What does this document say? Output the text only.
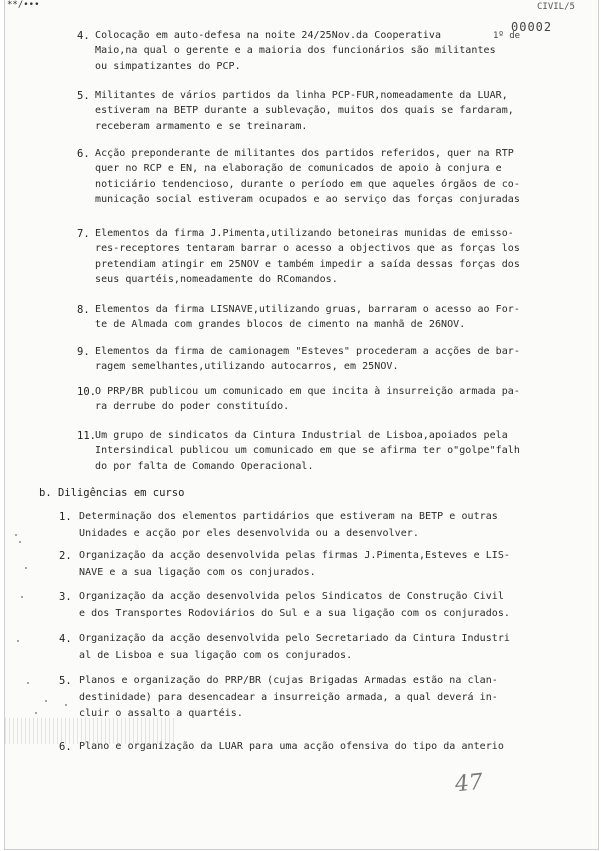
**/•••	CIVIL/5
00002
1º de
4. Colocação em auto-defesa na noite 24/25Nov.da Cooperativa
Maio,na qual o gerente e a maioria dos funcionários são militantes
ou simpatizantes do PCP.
5. Militantes de vários partidos da linha PCP-FUR,nomeadamente da LUAR,
estiveram na BETP durante a sublevação, muitos dos quais se fardaram,
receberam armamento e se treinaram.
6. Acção preponderante de militantes dos partidos referidos, quer na RTP
quer no RCP e EN, na elaboração de comunicados de apoio à conjura e
noticiário tendencioso, durante o período em que aqueles órgãos de co-
municação social estiveram ocupados e ao serviço das forças conjuradas
7. Elementos da firma J.Pimenta,utilizando betoneiras munidas de emisso-
res-receptores tentaram barrar o acesso a objectivos que as forças los
pretendiam atingir em 25NOV e também impedir a saída dessas forças dos
seus quartéis,nomeadamente do RComandos.
8. Elementos da firma LISNAVE,utilizando gruas, barraram o acesso ao For-
te de Almada com grandes blocos de cimento na manhã de 26NOV.
9. Elementos da firma de camionagem "Esteves" procederam a acções de bar-
ragem semelhantes,utilizando autocarros, em 25NOV.
10. O PRP/BR publicou um comunicado em que incita à insurreição armada pa-
ra derrube do poder constituído.
11. Um grupo de sindicatos da Cintura Industrial de Lisboa,apoiados pela
Intersindical publicou um comunicado em que se afirma ter o"golpe"falh
do por falta de Comando Operacional.
b. Diligências em curso
1. Determinação dos elementos partidários que estiveram na BETP e outras
Unidades e acção por eles desenvolvida ou a desenvolver.
2. Organização da acção desenvolvida pelas firmas J.Pimenta,Esteves e LIS-
NAVE e a sua ligação com os conjurados.
3. Organização da acção desenvolvida pelos Sindicatos de Construção Civil
e dos Transportes Rodoviários do Sul e a sua ligação com os conjurados.
4. Organização da acção desenvolvida pelo Secretariado da Cintura Industri
al de Lisboa e sua ligação com os conjurados.
5. Planos e organização do PRP/BR (cujas Brigadas Armadas estão na clan-
destinidade) para desencadear a insurreição armada, a qual deverá in-
cluir o assalto a quartéis.
6. Plano e organização da LUAR para uma acção ofensiva do tipo da anterio
47
